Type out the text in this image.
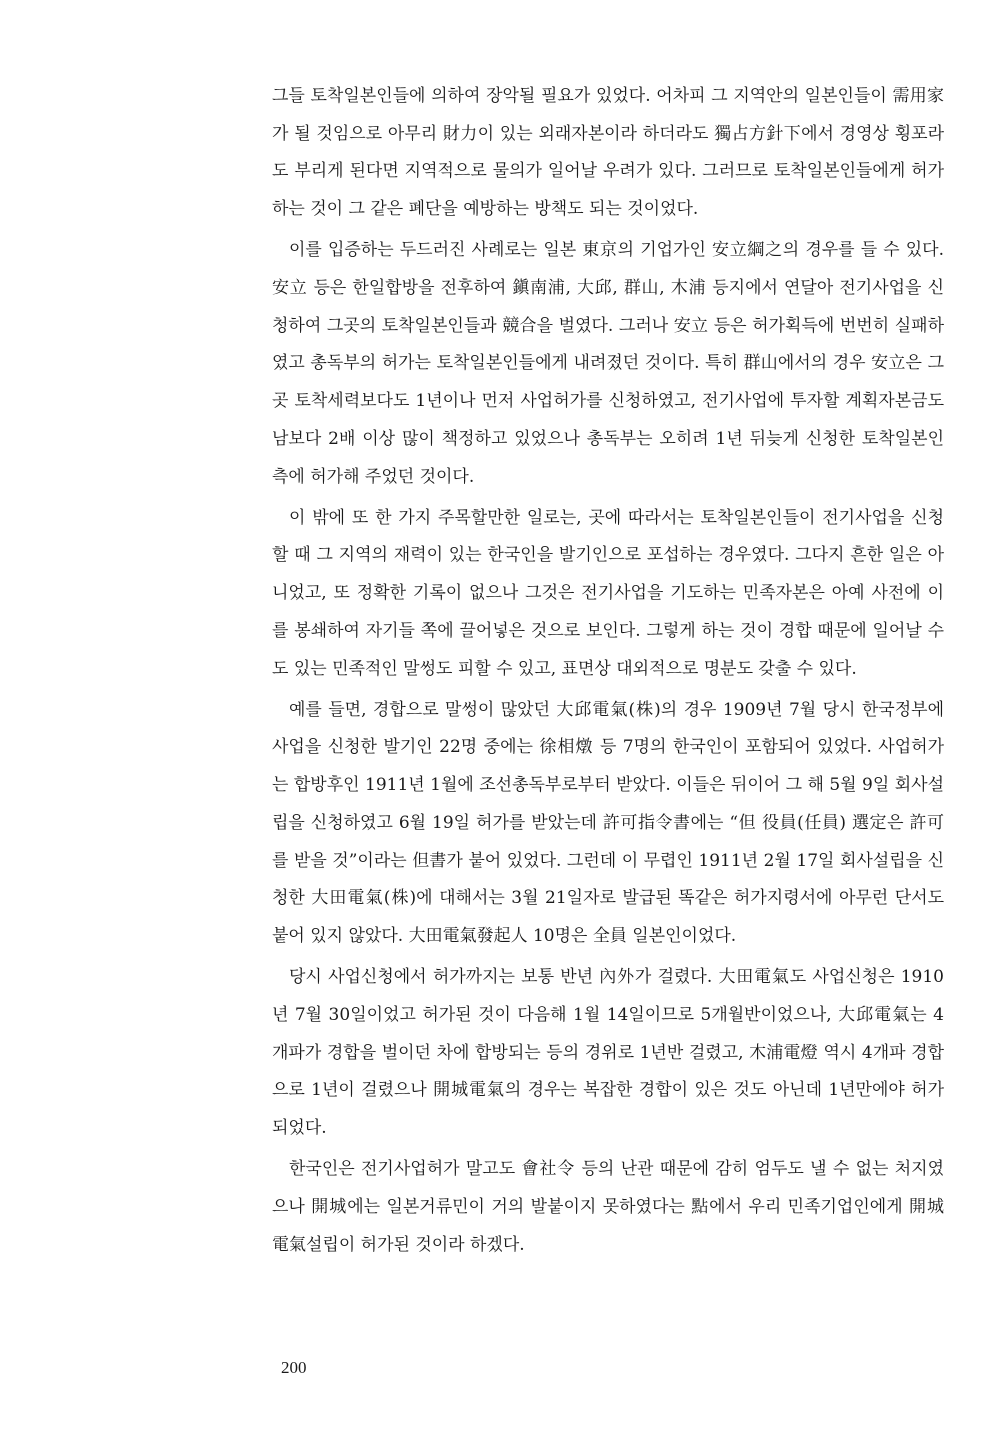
그들 토착일본인들에 의하여 장악될 필요가 있었다. 어차피 그 지역안의 일본인들이 需用家가 될 것임으로 아무리 財力이 있는 외래자본이라 하더라도 獨占方針下에서 경영상 횡포라도 부리게 된다면 지역적으로 물의가 일어날 우려가 있다. 그러므로 토착일본인들에게 허가하는 것이 그 같은 폐단을 예방하는 방책도 되는 것이었다.

이를 입증하는 두드러진 사례로는 일본 東京의 기업가인 安立綱之의 경우를 들 수 있다. 安立 등은 한일합방을 전후하여 鎭南浦, 大邱, 群山, 木浦 등지에서 연달아 전기사업을 신청하여 그곳의 토착일본인들과 競合을 벌였다. 그러나 安立 등은 허가획득에 번번히 실패하였고 총독부의 허가는 토착일본인들에게 내려졌던 것이다. 특히 群山에서의 경우 安立은 그곳 토착세력보다도 1년이나 먼저 사업허가를 신청하였고, 전기사업에 투자할 계획자본금도 남보다 2배 이상 많이 책정하고 있었으나 총독부는 오히려 1년 뒤늦게 신청한 토착일본인측에 허가해 주었던 것이다.

이 밖에 또 한 가지 주목할만한 일로는, 곳에 따라서는 토착일본인들이 전기사업을 신청할 때 그 지역의 재력이 있는 한국인을 발기인으로 포섭하는 경우였다. 그다지 흔한 일은 아니었고, 또 정확한 기록이 없으나 그것은 전기사업을 기도하는 민족자본은 아예 사전에 이를 봉쇄하여 자기들 쪽에 끌어넣은 것으로 보인다. 그렇게 하는 것이 경합 때문에 일어날 수도 있는 민족적인 말썽도 피할 수 있고, 표면상 대외적으로 명분도 갖출 수 있다.

예를 들면, 경합으로 말썽이 많았던 大邱電氣(株)의 경우 1909년 7월 당시 한국정부에 사업을 신청한 발기인 22명 중에는 徐相燉 등 7명의 한국인이 포함되어 있었다. 사업허가는 합방후인 1911년 1월에 조선총독부로부터 받았다. 이들은 뒤이어 그 해 5월 9일 회사설립을 신청하였고 6월 19일 허가를 받았는데 許可指令書에는 “但 役員(任員) 選定은 許可를 받을 것”이라는 但書가 붙어 있었다. 그런데 이 무렵인 1911년 2월 17일 회사설립을 신청한 大田電氣(株)에 대해서는 3월 21일자로 발급된 똑같은 허가지령서에 아무런 단서도 붙어 있지 않았다. 大田電氣發起人 10명은 全員 일본인이었다.

당시 사업신청에서 허가까지는 보통 반년 內外가 걸렸다. 大田電氣도 사업신청은 1910년 7월 30일이었고 허가된 것이 다음해 1월 14일이므로 5개월반이었으나, 大邱電氣는 4개파가 경합을 벌이던 차에 합방되는 등의 경위로 1년반 걸렸고, 木浦電燈 역시 4개파 경합으로 1년이 걸렸으나 開城電氣의 경우는 복잡한 경합이 있은 것도 아닌데 1년만에야 허가되었다.

한국인은 전기사업허가 말고도 會社令 등의 난관 때문에 감히 엄두도 낼 수 없는 처지였으나 開城에는 일본거류민이 거의 발붙이지 못하였다는 點에서 우리 민족기업인에게 開城電氣설립이 허가된 것이라 하겠다.

200
